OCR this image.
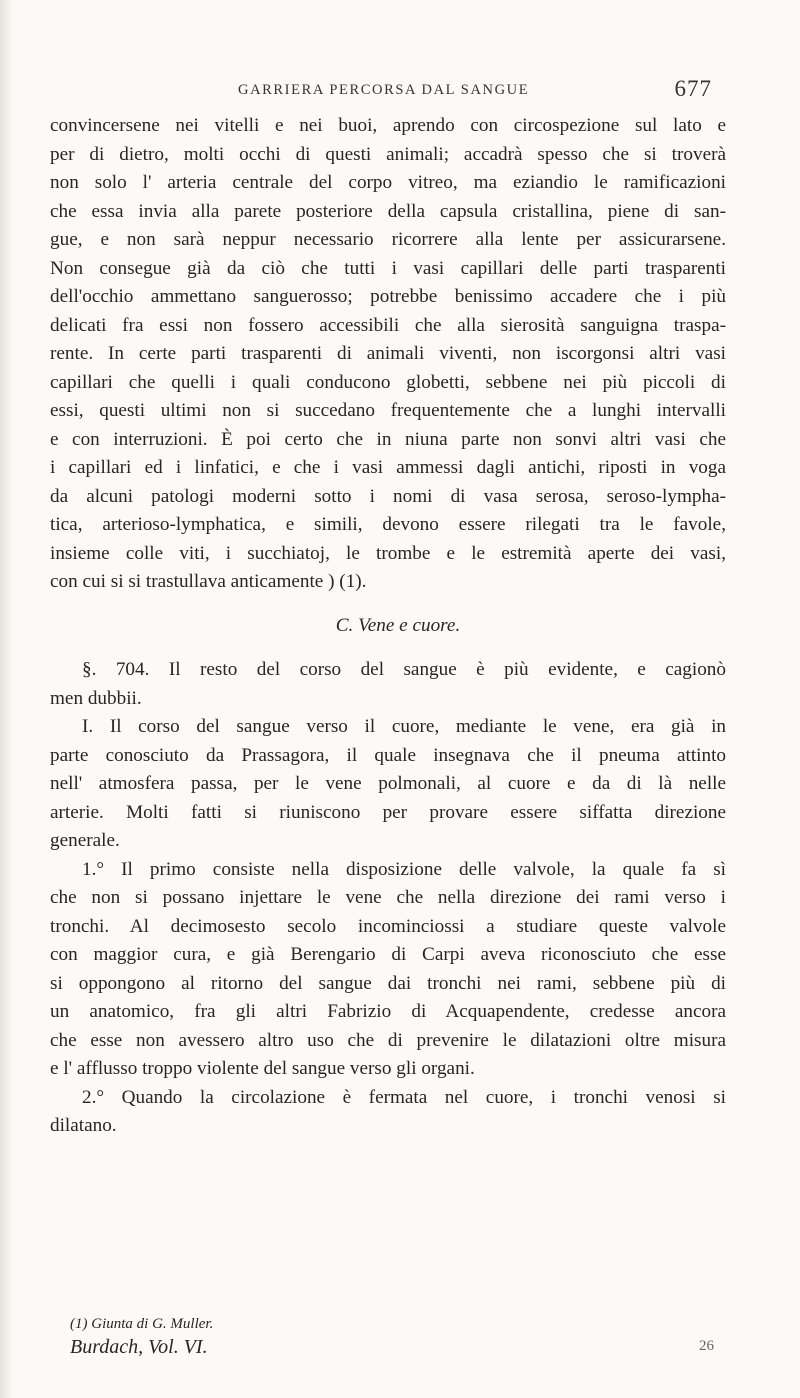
GARRIERA PERCORSA DAL SANGUE	677
convincersene nei vitelli e nei buoi, aprendo con circospezione sul lato e
per di dietro, molti occhi di questi animali; accadrà spesso che si troverà
non solo l' arteria centrale del corpo vitreo, ma eziandio le ramificazioni
che essa invia alla parete posteriore della capsula cristallina, piene di san-
gue, e non sarà neppur necessario ricorrere alla lente per assicurarsene.
Non consegue già da ciò che tutti i vasi capillari delle parti trasparenti
dell'occhio ammettano sanguerosso; potrebbe benissimo accadere che i più
delicati fra essi non fossero accessibili che alla sierosità sanguigna traspa-
rente. In certe parti trasparenti di animali viventi, non iscorgonsi altri vasi
capillari che quelli i quali conducono globetti, sebbene nei più piccoli di
essi, questi ultimi non si succedano frequentemente che a lunghi intervalli
e con interruzioni. È poi certo che in niuna parte non sonvi altri vasi che
i capillari ed i linfatici, e che i vasi ammessi dagli antichi, riposti in voga
da alcuni patologi moderni sotto i nomi di vasa serosa, seroso-lympha-
tica, arterioso-lymphatica, e simili, devono essere rilegati tra le favole,
insieme colle viti, i succhiatoj, le trombe e le estremità aperte dei vasi,
con cui si si trastullava anticamente ) (1).
C. Vene e cuore.
§. 704. Il resto del corso del sangue è più evidente, e cagionò
men dubbii.
I. Il corso del sangue verso il cuore, mediante le vene, era già in
parte conosciuto da Prassagora, il quale insegnava che il pneuma attinto
nell' atmosfera passa, per le vene polmonali, al cuore e da di là nelle
arterie. Molti fatti si riuniscono per provare essere siffatta direzione
generale.
1.° Il primo consiste nella disposizione delle valvole, la quale fa sì
che non si possano injettare le vene che nella direzione dei rami verso i
tronchi. Al decimosesto secolo incominciossi a studiare queste valvole
con maggior cura, e già Berengario di Carpi aveva riconosciuto che esse
si oppongono al ritorno del sangue dai tronchi nei rami, sebbene più di
un anatomico, fra gli altri Fabrizio di Acquapendente, credesse ancora
che esse non avessero altro uso che di prevenire le dilatazioni oltre misura
e l' afflusso troppo violente del sangue verso gli organi.
2.° Quando la circolazione è fermata nel cuore, i tronchi venosi si
dilatano.
(1) Giunta di G. Muller.
Burdach, Vol. VI.	26
